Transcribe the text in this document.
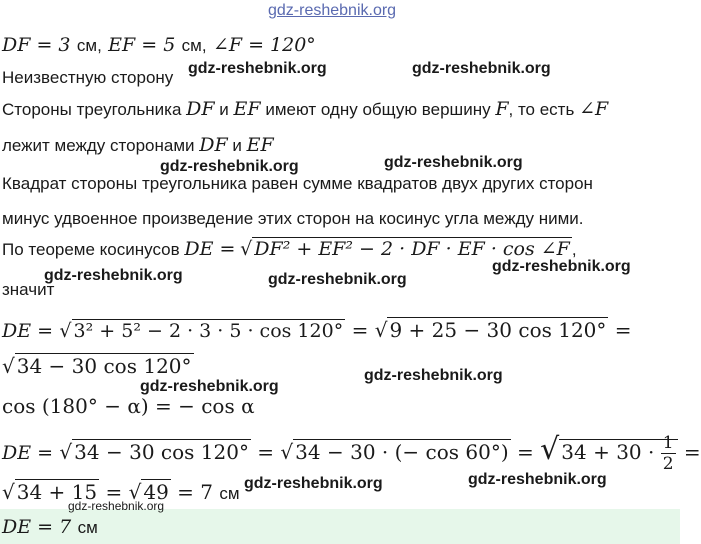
gdz-reshebnik.org
DF = 3 см, EF = 5 см, ∠F = 120°
Неизвестную сторону gdz-reshebnik.org	gdz-reshebnik.org
Стороны треугольника DF и EF имеют одну общую вершину F, то есть ∠F
лежит между сторонами DF и EF
gdz-reshebnik.org	gdz-reshebnik.org
Квадрат стороны треугольника равен сумме квадратов двух других сторон
минус удвоенное произведение этих сторон на косинус угла между ними.
По теореме косинусов DE = √ DF² + EF² − 2 · DF · EF · cos ∠F ,
gdz-reshebnik.org	gdz-reshebnik.org
gdz-reshebnik.org
значит
DE = √ 3² + 5² − 2 · 3 · 5 · cos 120° = √ 9 + 25 − 30 cos 120° =
√ 34 − 30 cos 120°
gdz-reshebnik.org
gdz-reshebnik.org
cos (180° − α) = − cos α
DE = √ 34 − 30 cos 120° = √ 34 − 30 · (− cos 60°) = √ $34 + 30 \cdot \frac{1}{2}$ =
√ 34 + 15 = √ 49 = 7 см
gdz-reshebnik.org	gdz-reshebnik.org
gdz-reshebnik.org
DE = 7 см
